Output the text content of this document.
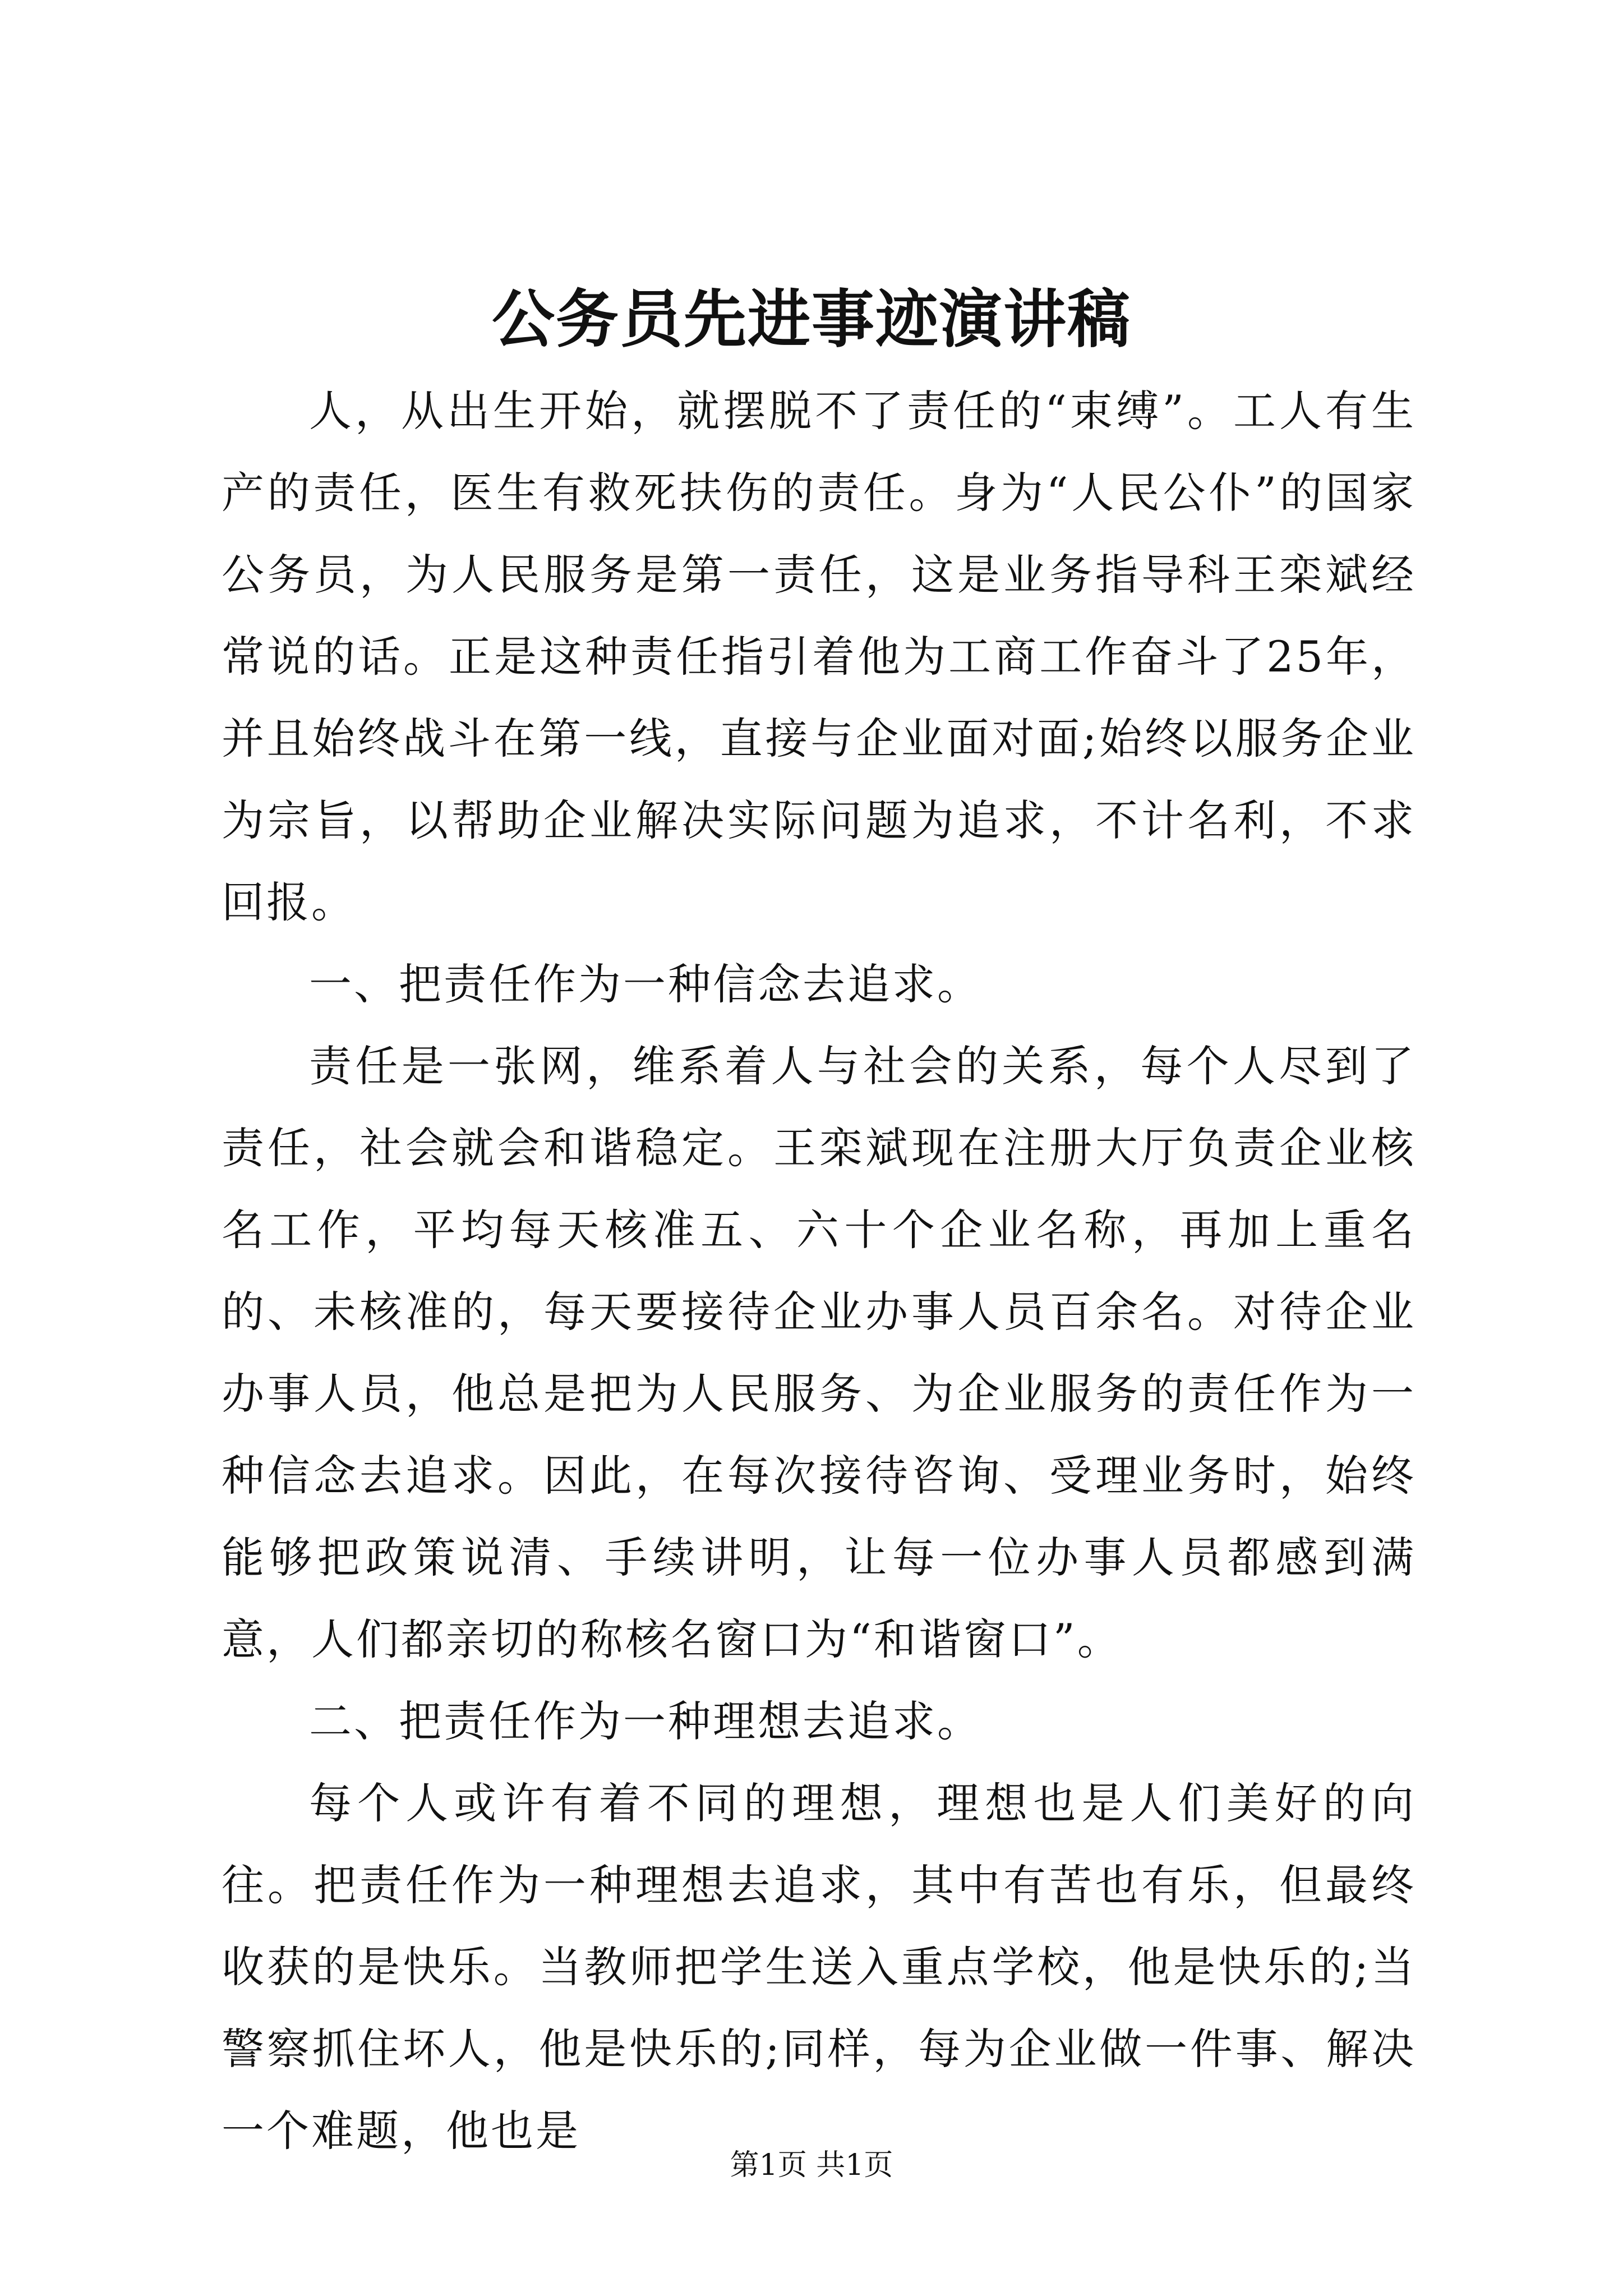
公务员先进事迹演讲稿

人，从出生开始，就摆脱不了责任的“束缚”。工人有生产的责任，医生有救死扶伤的责任。身为“人民公仆”的国家公务员，为人民服务是第一责任，这是业务指导科王栾斌经常说的话。正是这种责任指引着他为工商工作奋斗了25年，并且始终战斗在第一线，直接与企业面对面;始终以服务企业为宗旨，以帮助企业解决实际问题为追求，不计名利，不求回报。

一、把责任作为一种信念去追求。

责任是一张网，维系着人与社会的关系，每个人尽到了责任，社会就会和谐稳定。王栾斌现在注册大厅负责企业核名工作，平均每天核准五、六十个企业名称，再加上重名的、未核准的，每天要接待企业办事人员百余名。对待企业办事人员，他总是把为人民服务、为企业服务的责任作为一种信念去追求。因此，在每次接待咨询、受理业务时，始终能够把政策说清、手续讲明，让每一位办事人员都感到满意，人们都亲切的称核名窗口为“和谐窗口”。

二、把责任作为一种理想去追求。

每个人或许有着不同的理想，理想也是人们美好的向往。把责任作为一种理想去追求，其中有苦也有乐，但最终收获的是快乐。当教师把学生送入重点学校，他是快乐的;当警察抓住坏人，他是快乐的;同样，每为企业做一件事、解决一个难题，他也是

第1页 共1页
